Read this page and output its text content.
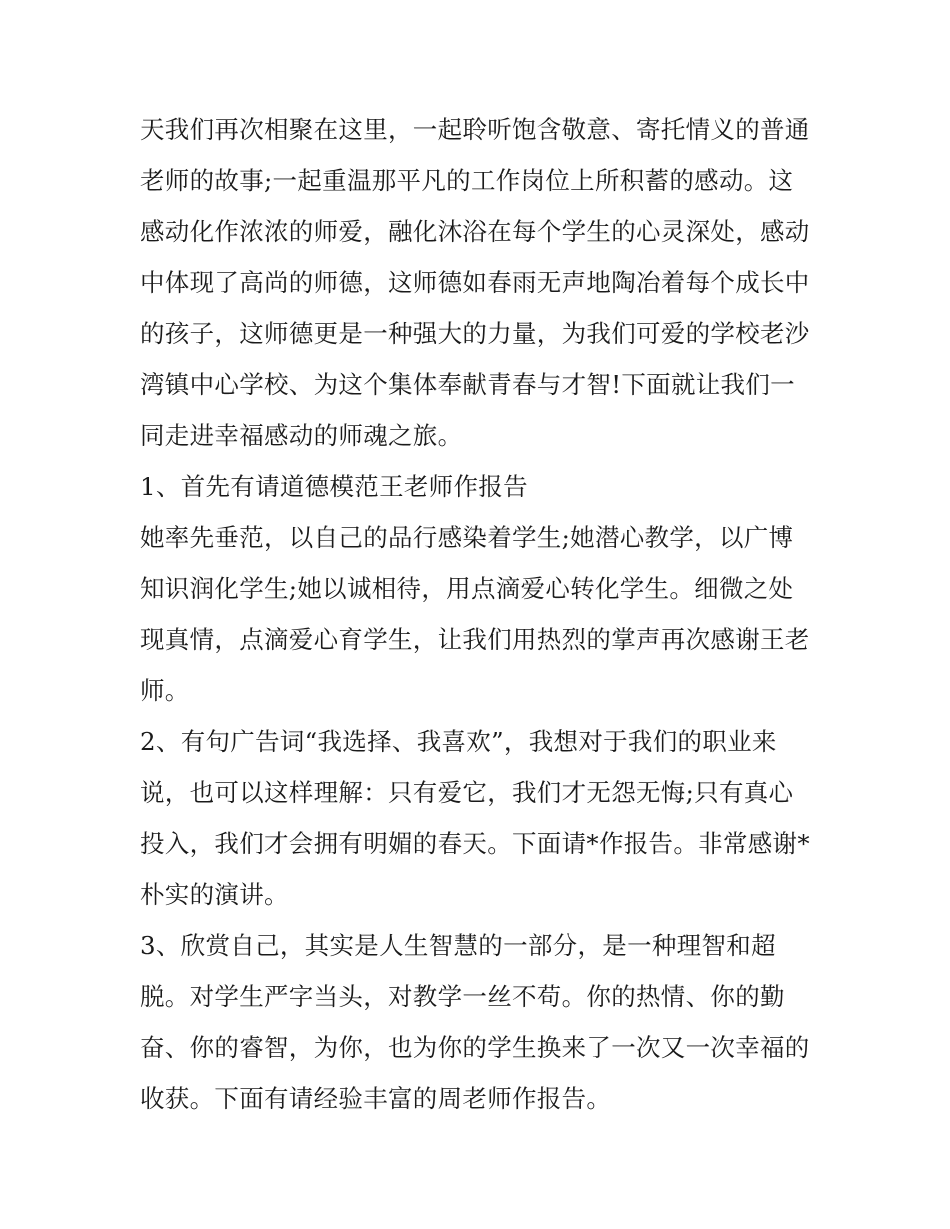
天我们再次相聚在这里，一起聆听饱含敬意、寄托情义的普通
老师的故事;一起重温那平凡的工作岗位上所积蓄的感动。这
感动化作浓浓的师爱，融化沐浴在每个学生的心灵深处，感动
中体现了高尚的师德，这师德如春雨无声地陶冶着每个成长中
的孩子，这师德更是一种强大的力量，为我们可爱的学校老沙
湾镇中心学校、为这个集体奉献青春与才智!下面就让我们一
同走进幸福感动的师魂之旅。
1、首先有请道德模范王老师作报告
她率先垂范，以自己的品行感染着学生;她潜心教学，以广博
知识润化学生;她以诚相待，用点滴爱心转化学生。细微之处
现真情，点滴爱心育学生，让我们用热烈的掌声再次感谢王老
师。
2、有句广告词“我选择、我喜欢”，我想对于我们的职业来
说，也可以这样理解：只有爱它，我们才无怨无悔;只有真心
投入，我们才会拥有明媚的春天。下面请*作报告。非常感谢*
朴实的演讲。
3、欣赏自己，其实是人生智慧的一部分，是一种理智和超
脱。对学生严字当头，对教学一丝不苟。你的热情、你的勤
奋、你的睿智，为你，也为你的学生换来了一次又一次幸福的
收获。下面有请经验丰富的周老师作报告。
